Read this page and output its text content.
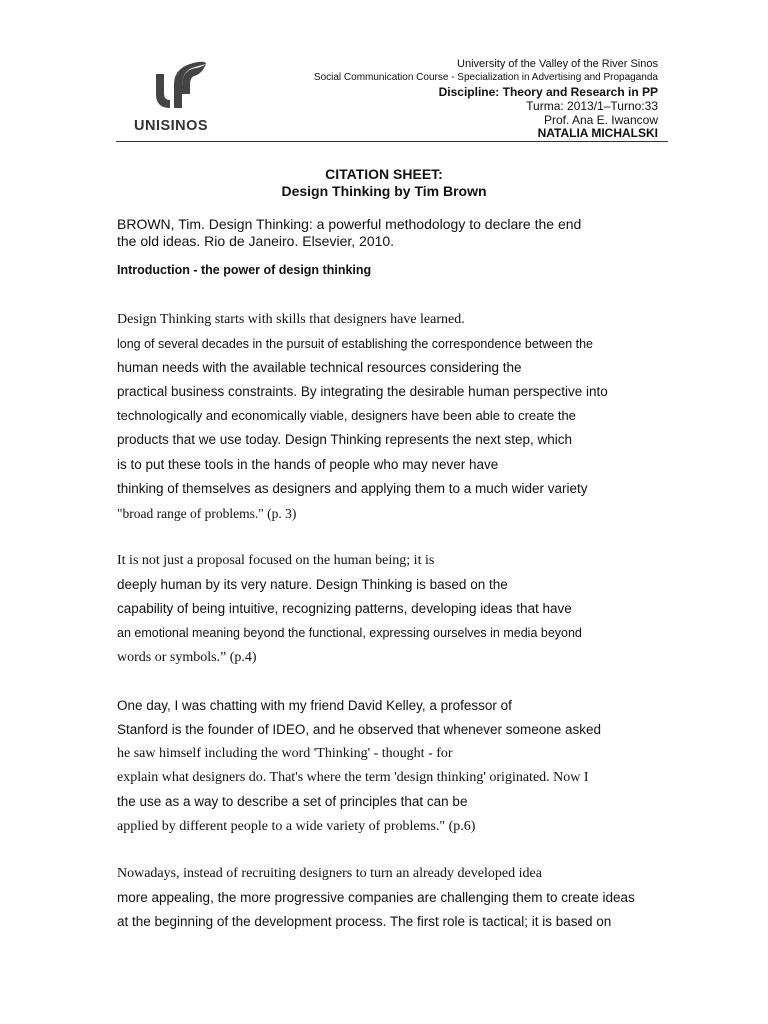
UNISINOS
University of the Valley of the River Sinos
Social Communication Course - Specialization in Advertising and Propaganda
Discipline: Theory and Research in PP
Turma: 2013/1–Turno:33
Prof. Ana E. Iwancow
NATALIA MICHALSKI
CITATION SHEET:
Design Thinking by Tim Brown
BROWN, Tim. Design Thinking: a powerful methodology to declare the end
the old ideas. Rio de Janeiro. Elsevier, 2010.
Introduction - the power of design thinking
Design Thinking starts with skills that designers have learned.
long of several decades in the pursuit of establishing the correspondence between the
human needs with the available technical resources considering the
practical business constraints. By integrating the desirable human perspective into
technologically and economically viable, designers have been able to create the
products that we use today. Design Thinking represents the next step, which
is to put these tools in the hands of people who may never have
thinking of themselves as designers and applying them to a much wider variety
"broad range of problems." (p. 3)
It is not just a proposal focused on the human being; it is
deeply human by its very nature. Design Thinking is based on the
capability of being intuitive, recognizing patterns, developing ideas that have
an emotional meaning beyond the functional, expressing ourselves in media beyond
words or symbols.” (p.4)
One day, I was chatting with my friend David Kelley, a professor of
Stanford is the founder of IDEO, and he observed that whenever someone asked
he saw himself including the word 'Thinking' - thought - for
explain what designers do. That's where the term 'design thinking' originated. Now I
the use as a way to describe a set of principles that can be
applied by different people to a wide variety of problems." (p.6)
Nowadays, instead of recruiting designers to turn an already developed idea
more appealing, the more progressive companies are challenging them to create ideas
at the beginning of the development process. The first role is tactical; it is based on
